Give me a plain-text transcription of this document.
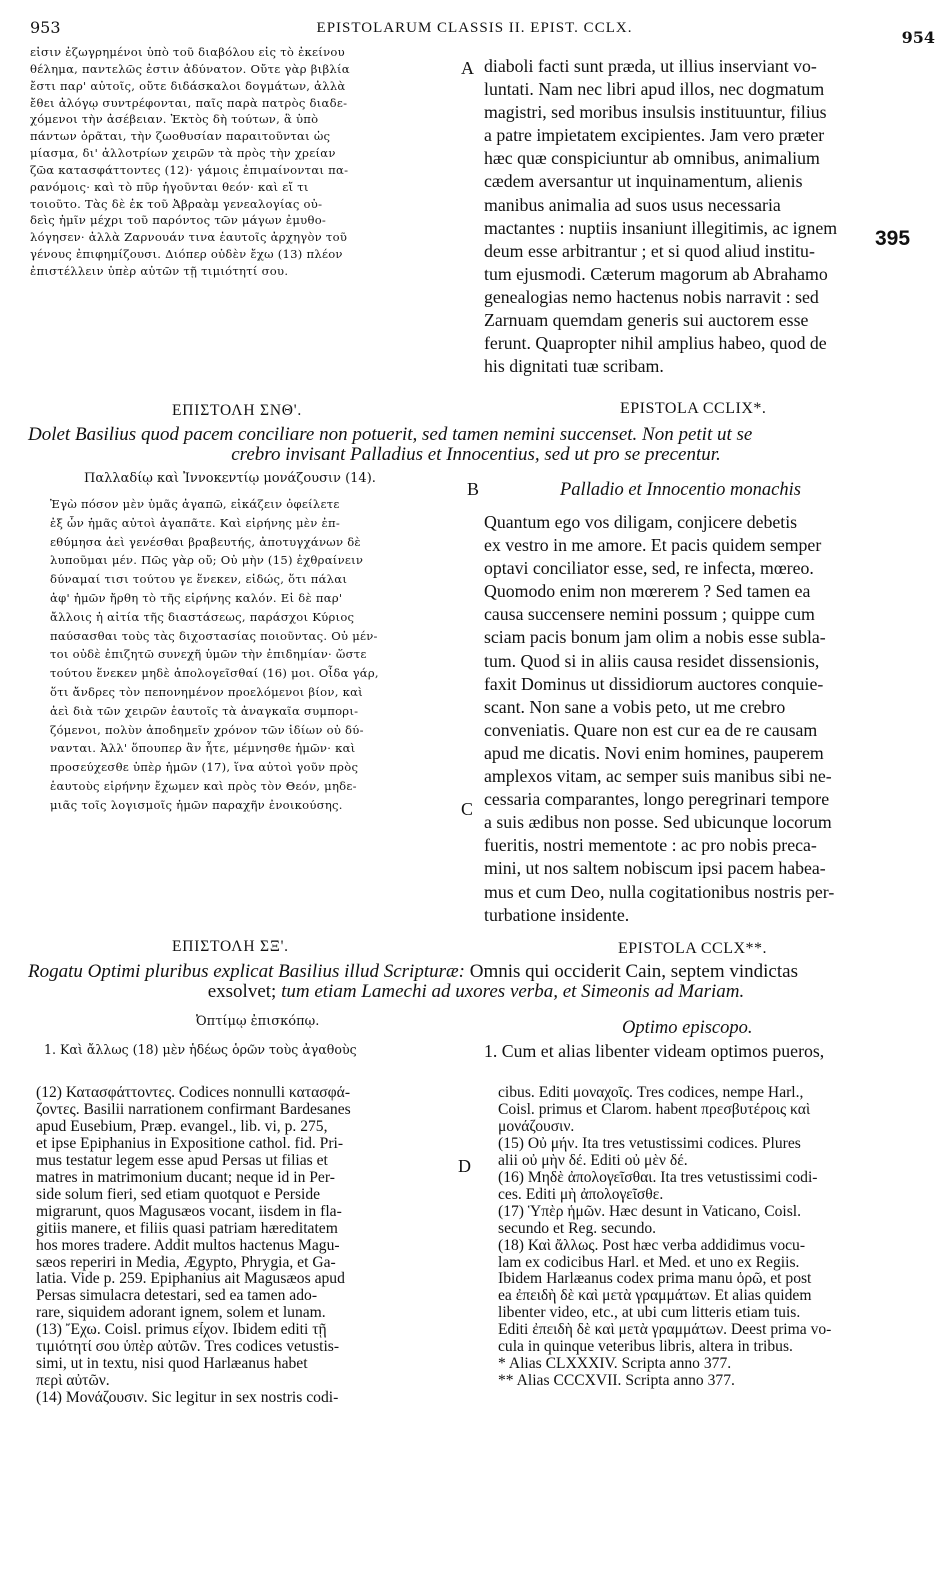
953	EPISTOLARUM CLASSIS II. EPIST. CCLX.	954
A
B
C
D
395
εἰσιν ἐζωγρημένοι ὑπὸ τοῦ διαβόλου εἰς τὸ ἐκείνου
θέλημα, παντελῶς ἐστιν ἀδύνατον. Οὔτε γὰρ βιβλία
ἔστι παρ' αὐτοῖς, οὔτε διδάσκαλοι δογμάτων, ἀλλὰ
ἔθει ἀλόγῳ συντρέφονται, παῖς παρὰ πατρὸς διαδε-
χόμενοι τὴν ἀσέβειαν. Ἐκτὸς δὴ τούτων, ἃ ὑπὸ
πάντων ὁρᾶται, τὴν ζωοθυσίαν παραιτοῦνται ὡς
μίασμα, δι' ἀλλοτρίων χειρῶν τὰ πρὸς τὴν χρείαν
ζῶα κατασφάττοντες (12)· γάμοις ἐπιμαίνονται πα-
ρανόμοις· καὶ τὸ πῦρ ἡγοῦνται θεόν· καὶ εἴ τι
τοιοῦτο. Τὰς δὲ ἐκ τοῦ Ἀβραὰμ γενεαλογίας οὐ-
δεὶς ἡμῖν μέχρι τοῦ παρόντος τῶν μάγων ἐμυθο-
λόγησεν· ἀλλὰ Ζαρνουάν τινα ἑαυτοῖς ἀρχηγὸν τοῦ
γένους ἐπιφημίζουσι. Διόπερ οὐδὲν ἔχω (13) πλέον
ἐπιστέλλειν ὑπὲρ αὐτῶν τῇ τιμιότητί σου.
diaboli facti sunt præda, ut illius inserviant vo-
luntati. Nam nec libri apud illos, nec dogmatum
magistri, sed moribus insulsis instituuntur, filius
a patre impietatem excipientes. Jam vero præter
hæc quæ conspiciuntur ab omnibus, animalium
cædem aversantur ut inquinamentum, alienis
manibus animalia ad suos usus necessaria
mactantes : nuptiis insaniunt illegitimis, ac ignem
deum esse arbitrantur ; et si quod aliud institu-
tum ejusmodi. Cæterum magorum ab Abrahamo
genealogias nemo hactenus nobis narravit : sed
Zarnuam quemdam generis sui auctorem esse
ferunt. Quapropter nihil amplius habeo, quod de
his dignitati tuæ scribam.
ΕΠΙΣΤΟΛΗ ΣΝΘ'.	EPISTOLA CCLIX*.
Dolet Basilius quod pacem conciliare non potuerit, sed tamen nemini succenset. Non petit ut se
crebro invisant Palladius et Innocentius, sed ut pro se precentur.
Παλλαδίῳ καὶ Ἰννοκεντίῳ μονάζουσιν (14).
Palladio et Innocentio monachis
Ἐγὼ πόσον μὲν ὑμᾶς ἀγαπῶ, εἰκάζειν ὀφείλετε
ἐξ ὧν ἡμᾶς αὐτοὶ ἀγαπᾶτε. Καὶ εἰρήνης μὲν ἐπ-
εθύμησα ἀεὶ γενέσθαι βραβευτής, ἀποτυγχάνων δὲ
λυποῦμαι μέν. Πῶς γὰρ οὔ; Οὐ μὴν (15) ἐχθραίνειν
δύναμαί τισι τούτου γε ἕνεκεν, εἰδώς, ὅτι πάλαι
ἀφ' ἡμῶν ἤρθη τὸ τῆς εἰρήνης καλόν. Εἰ δὲ παρ'
ἄλλοις ἡ αἰτία τῆς διαστάσεως, παράσχοι Κύριος
παύσασθαι τοὺς τὰς διχοστασίας ποιοῦντας. Οὐ μέν-
τοι οὐδὲ ἐπιζητῶ συνεχῆ ὑμῶν τὴν ἐπιδημίαν· ὥστε
τούτου ἕνεκεν μηδὲ ἀπολογεῖσθαί (16) μοι. Οἶδα γάρ,
ὅτι ἄνδρες τὸν πεπονημένον προελόμενοι βίον, καὶ
ἀεὶ διὰ τῶν χειρῶν ἑαυτοῖς τὰ ἀναγκαῖα συμπορι-
ζόμενοι, πολὺν ἀποδημεῖν χρόνον τῶν ἰδίων οὐ δύ-
νανται. Ἀλλ' ὅπουπερ ἂν ἦτε, μέμνησθε ἡμῶν· καὶ
προσεύχεσθε ὑπὲρ ἡμῶν (17), ἵνα αὐτοὶ γοῦν πρὸς
ἑαυτοὺς εἰρήνην ἔχωμεν καὶ πρὸς τὸν Θεόν, μηδε-
μιᾶς τοῖς λογισμοῖς ἡμῶν παραχῆν ἐνοικούσης.
Quantum ego vos diligam, conjicere debetis
ex vestro in me amore. Et pacis quidem semper
optavi conciliator esse, sed, re infecta, mœreo.
Quomodo enim non mœrerem ? Sed tamen ea
causa succensere nemini possum ; quippe cum
sciam pacis bonum jam olim a nobis esse subla-
tum. Quod si in aliis causa residet dissensionis,
faxit Dominus ut dissidiorum auctores conquie-
scant. Non sane a vobis peto, ut me crebro
conveniatis. Quare non est cur ea de re causam
apud me dicatis. Novi enim homines, pauperem
amplexos vitam, ac semper suis manibus sibi ne-
cessaria comparantes, longo peregrinari tempore
a suis ædibus non posse. Sed ubicunque locorum
fueritis, nostri mementote : ac pro nobis preca-
mini, ut nos saltem nobiscum ipsi pacem habea-
mus et cum Deo, nulla cogitationibus nostris per-
turbatione insidente.
ΕΠΙΣΤΟΛΗ ΣΞ'.	EPISTOLA CCLX**.
Rogatu Optimi pluribus explicat Basilius illud Scripturæ: Omnis qui occiderit Cain, septem vindictas
exsolvet; tum etiam Lamechi ad uxores verba, et Simeonis ad Mariam.
Ὀπτίμῳ ἐπισκόπῳ.	Optimo episcopo.
1. Καὶ ἄλλως (18) μὲν ἡδέως ὁρῶν τοὺς ἀγαθοὺς	1. Cum et alias libenter videam optimos pueros,
(12) Κατασφάττοντες. Codices nonnulli κατασφά-
ζοντες. Basilii narrationem confirmant Bardesanes
apud Eusebium, Præp. evangel., lib. vi, p. 275,
et ipse Epiphanius in Expositione cathol. fid. Pri-
mus testatur legem esse apud Persas ut filias et
matres in matrimonium ducant; neque id in Per-
side solum fieri, sed etiam quotquot e Perside
migrarunt, quos Magusæos vocant, iisdem in fla-
gitiis manere, et filiis quasi patriam hæreditatem
hos mores tradere. Addit multos hactenus Magu-
sæos reperiri in Media, Ægypto, Phrygia, et Ga-
latia. Vide p. 259. Epiphanius ait Magusæos apud
Persas simulacra detestari, sed ea tamen ado-
rare, siquidem adorant ignem, solem et lunam.
(13) Ἔχω. Coisl. primus εἶχον. Ibidem editi τῇ
τιμιότητί σου ὑπὲρ αὐτῶν. Tres codices vetustis-
simi, ut in textu, nisi quod Harlæanus habet
περὶ αὐτῶν.
(14) Μονάζουσιν. Sic legitur in sex nostris codi-
cibus. Editi μοναχοῖς. Tres codices, nempe Harl.,
Coisl. primus et Clarom. habent πρεσβυτέροις καὶ
μονάζουσιν.
(15) Οὐ μήν. Ita tres vetustissimi codices. Plures
alii οὐ μὴν δέ. Editi οὐ μὲν δέ.
(16) Μηδὲ ἀπολογεῖσθαι. Ita tres vetustissimi codi-
ces. Editi μὴ ἀπολογεῖσθε.
(17) Ὑπὲρ ἡμῶν. Hæc desunt in Vaticano, Coisl.
secundo et Reg. secundo.
(18) Καὶ ἄλλως. Post hæc verba addidimus vocu-
lam ex codicibus Harl. et Med. et uno ex Regiis.
Ibidem Harlæanus codex prima manu ὁρῶ, et post
ea ἐπειδὴ δὲ καὶ μετὰ γραμμάτων. Et alias quidem
libenter video, etc., at ubi cum litteris etiam tuis.
Editi ἐπειδὴ δὲ καὶ μετὰ γραμμάτων. Deest prima vo-
cula in quinque veteribus libris, altera in tribus.
* Alias CLXXXIV. Scripta anno 377.
** Alias CCCXVII. Scripta anno 377.
